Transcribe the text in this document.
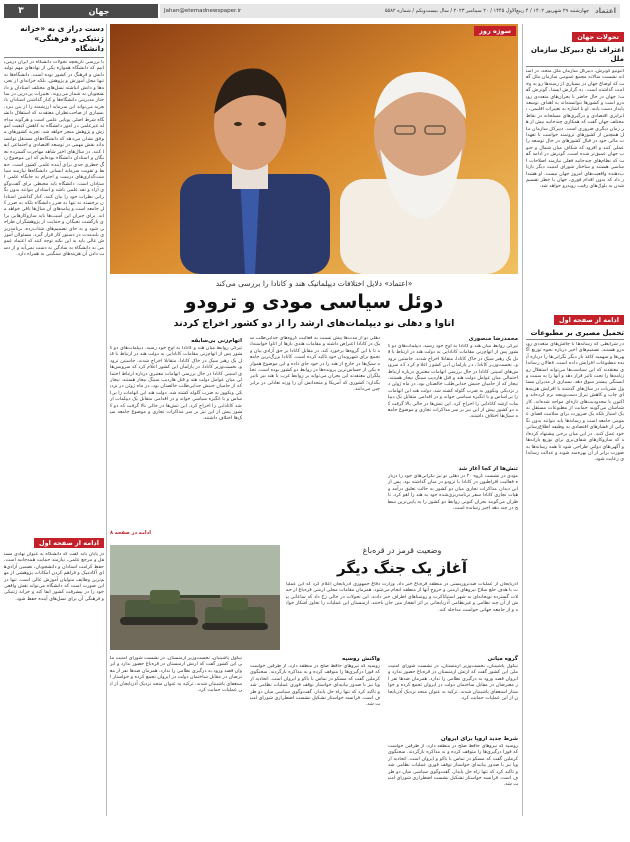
اعتماد
چهارشنبه ۲۹ شهریور ۱۴۰۲ / ۴ ربیع‌الاول ۱۴۴۵ / ۲۰ سپتامبر ۲۰۲۳ / سال بیست‌ویکم / شماره ۵۵۸۲
Jahan@etemadnewspaper.ir
جهان
۳
تحولات جهان
اعتراف تلخ دبیرکل سازمان ملل
آنتونیو گوترش، دبیرکل سازمان ملل متحد، در آستانه نشست سالانه مجمع عمومی سازمان ملل گفت که اوضاع جهان در بسیاری از زمینه‌ها رو به وخامت گذاشته است. به گزارش ایسنا، گوترش گفت: جهان در حال حاضر با بحران‌های متعددی روبه‌رو است و کشورها نتوانسته‌اند به اهداف توسعه پایدار دست یابند. او با اشاره به تغییرات اقلیمی، نابرابری اقتصادی و درگیری‌های مسلحانه در نقاط مختلف جهان گفت که همکاری چندجانبه بیش از هر زمان دیگری ضروری است. دبیرکل سازمان ملل همچنین از کشورهای ثروتمند خواست تا تعهدات مالی خود در قبال کشورهای در حال توسعه را عملی کنند و افزود که شکاف میان شمال و جنوب جهان عمیق‌تر شده است. گوترش در ادامه گفت که نظام‌های چندجانبه فعلی نیازمند اصلاحات اساسی هستند و ساختار شورای امنیت دیگر بازتاب‌دهنده واقعیت‌های امروز جهان نیست. او هشدار داد که بدون اقدام فوری، جهان با خطر تقسیم شدن به بلوک‌های رقیب روبه‌رو خواهد شد.
ادامه از صفحه اول
تحمیل مصیری بر مطبوعات
در شرایطی که رسانه‌ها با چالش‌های متعددی روبه‌رو هستند، تصمیم‌های اخیر درباره نحوه توزیع آگهی‌ها و سهمیه کاغذ بار دیگر نگرانی‌ها را درباره آینده مطبوعات افزایش داده است. فعالان رسانه‌ای معتقدند که این سیاست‌ها می‌تواند استقلال روزنامه‌ها را تحت تاثیر قرار دهد و آنها را به سمت وابستگی بیشتر سوق دهد. بسیاری از مدیران مسئول نشریات در سال‌های گذشته با افزایش هزینه‌های چاپ و کاهش تیراژ دست‌وپنجه نرم کرده‌اند و اکنون با محدودیت‌های تازه‌ای مواجه شده‌اند. کارشناسان می‌گویند حمایت از مطبوعات مستقل نه یک امتیاز بلکه یک ضرورت برای سلامت فضای عمومی جامعه است و رسانه‌ها باید بتوانند بدون نگرانی از فشارهای اقتصادی به وظیفه اطلاع‌رسانی خود عمل کنند. در این میان برخی پیشنهاد کرده‌اند که سازوکارهای شفاف‌تری برای توزیع یارانه‌ها و آگهی‌های دولتی طراحی شود تا همه رسانه‌ها به صورت برابر از آن بهره‌مند شوند و عدالت رسانه‌ای رعایت شود.
سوژه روز
دست دراز ی به «خزانه ژنتیکی و فرهنگی» دانشگاه
با بررسی تاریخچه تحولات دانشگاه در ایران درمی‌یابیم که دانشگاه همواره یکی از نهادهای مهم تولید دانش و فرهنگ در کشور بوده است. دانشگاه‌ها نه تنها محل آموزش و پژوهش، بلکه خزانه‌ای از تجربه‌ها و دانش انباشته نسل‌های مختلف استادان و دانشجویان به شمار می‌روند. تغییرات پی‌درپی در ساختار مدیریتی دانشگاه‌ها و کنار گذاشتن استادان باتجربه می‌تواند این سرمایه ارزشمند را از بین ببرد. بسیاری از صاحب‌نظران معتقدند که استقلال دانشگاه شرط اصلی پویایی علمی است و هرگونه مداخله غیرعلمی در امور دانشگاه به کاهش کیفیت آموزش و پژوهش منجر خواهد شد. تجربه کشورهای موفق نشان می‌دهد که دانشگاه‌های مستقل توانسته‌اند نقش مهمی در توسعه اقتصادی و اجتماعی ایفا کنند. در سال‌های اخیر شاهد مهاجرت گسترده نخبگان و استادان دانشگاه بوده‌ایم که این موضوع زنگ خطری جدی برای آینده علمی کشور است. حفظ و تقویت سرمایه انسانی دانشگاه‌ها نیازمند سیاست‌گذاری‌های درست و احترام به جایگاه علمی استادان است. دانشگاه باید محیطی برای گفت‌وگوی آزاد و نقد علمی باشد و استادان بتوانند بدون نگرانی نظرات خود را بیان کنند. کنار گذاشتن استادان برجسته نه تنها به ضرر دانشگاه بلکه به ضرر کل جامعه است و پیامدهای آن سال‌ها باقی خواهد ماند. برای جبران این آسیب‌ها باید سازوکارهایی برای بازگشت نخبگان و حمایت از پژوهشگران طراحی شود و به جای تصمیم‌های شتاب‌زده، برنامه‌ریزی بلندمدت در دستور کار قرار گیرد. مسئولان آموزش عالی باید به این نکته توجه کنند که اعتماد عمومی به دانشگاه به سادگی به دست نمی‌آید و از دست دادن آن هزینه‌های سنگینی به همراه دارد.
ادامه از صفحه اول
در پایان باید گفت که دانشگاه به عنوان نهادی مستقل و مرجع علمی، نیازمند حمایت همه‌جانبه است. حفظ کرامت استادان و دانشجویان، تضمین آزادی‌های آکادمیک و فراهم کردن امکانات پژوهشی از مهم‌ترین وظایف متولیان آموزش عالی است. تنها در این صورت است که دانشگاه می‌تواند نقش واقعی خود را در پیشرفت کشور ایفا کند و خزانه ژنتیکی و فرهنگی آن برای نسل‌های آینده حفظ شود.
«اعتماد» دلایل اختلافات دیپلماتیک هند و کانادا را بررسی می‌کند
دوئل سیاسی مودی و ترودو
اتاوا و دهلی نو دیپلمات‌های ارشد را از دو کشور اخراج کردند
محمدرضا منصوری
تیرگی روابط میان هند و کانادا به اوج خود رسید. دیپلمات‌های دو کشور پس از اتهام‌زنی مقامات کانادایی به دولت هند در ارتباط با قتل یک رهبر سیک در خاک کانادا، متقابلا اخراج شدند. جاستین ترودو، نخست‌وزیر کانادا، در پارلمان این کشور اعلام کرد که سرویس‌های امنیتی کانادا در حال بررسی اتهامات معتبری درباره ارتباط احتمالی میان عوامل دولت هند و قتل هاردیپ سینگ نیجار هستند. نیجار که از حامیان جنبش جدایی‌طلب خالصتان بود، در ماه ژوئن در نزدیکی ونکوور به ضرب گلوله کشته شد. دولت هند این اتهامات را بی‌اساس و با انگیزه سیاسی خواند و در اقدامی متقابل یک دیپلمات ارشد کانادایی را اخراج کرد. این تنش‌ها در حالی بالا گرفت که دو کشور پیش از این نیز بر سر مذاکرات تجاری و موضوع جامعه سیک‌ها اختلاف داشتند.
تنش‌ها از کجا آغاز شد
مودی در نشست گروه ۲۰ در دهلی نو نیز نگرانی‌های خود را درباره فعالیت افراطیون در کانادا با ترودو در میان گذاشته بود. پس از این دیدار، مذاکرات تجاری میان دو کشور به حالت تعلیق درآمد و هیات تجاری کانادا سفر برنامه‌ریزی‌شده خود به هند را لغو کرد. ناظران می‌گویند بحران کنونی روابط دو کشور را به پایین‌ترین سطح در چند دهه اخیر رسانده است.
دهلی نو از مدت‌ها پیش نسبت به فعالیت گروه‌های جدایی‌طلب سیک در کانادا اعتراض داشته و مقامات هندی بارها از اتاوا خواسته‌اند تا با این گروه‌ها برخورد کند. در مقابل کانادا بر حق آزادی بیان و تجمع برای شهروندان خود تاکید کرده است. کانادا بزرگ‌ترین جامعه سیک‌ها در خارج از هند را در خود جای داده و این موضوع همواره یکی از حساس‌ترین پرونده‌ها در روابط دو کشور بوده است. تحلیلگران معتقدند این بحران می‌تواند بر روابط غرب با هند نیز تاثیر بگذارد؛ کشوری که آمریکا و متحدانش آن را وزنه تعادلی در برابر چین می‌دانند.
اتهام‌زنی بی‌سابقه
تیرگی روابط میان هند و کانادا به اوج خود رسید. دیپلمات‌های دو کشور پس از اتهام‌زنی مقامات کانادایی به دولت هند در ارتباط با قتل یک رهبر سیک در خاک کانادا، متقابلا اخراج شدند. جاستین ترودو، نخست‌وزیر کانادا، در پارلمان این کشور اعلام کرد که سرویس‌های امنیتی کانادا در حال بررسی اتهامات معتبری درباره ارتباط احتمالی میان عوامل دولت هند و قتل هاردیپ سینگ نیجار هستند. نیجار که از حامیان جنبش جدایی‌طلب خالصتان بود، در ماه ژوئن در نزدیکی ونکوور به ضرب گلوله کشته شد. دولت هند این اتهامات را بی‌اساس و با انگیزه سیاسی خواند و در اقدامی متقابل یک دیپلمات ارشد کانادایی را اخراج کرد. این تنش‌ها در حالی بالا گرفت که دو کشور پیش از این نیز بر سر مذاکرات تجاری و موضوع جامعه سیک‌ها اختلاف داشتند.
ادامه در صفحه ۸
وضعیت قرمز در قره‌باغ
آغاز یک جنگ دیگر
آذربایجان از عملیات ضدتروریستی در منطقه قره‌باغ خبر داد. وزارت دفاع جمهوری آذربایجان اعلام کرد که این عملیات با هدف خلع سلاح نیروهای ارمنی و خروج آنها از منطقه انجام می‌شود. همزمان مقامات محلی ارمنی قره‌باغ از حملات گسترده توپخانه‌ای به شهر استپاناکرت و روستاهای اطراف خبر دادند. این تحولات در حالی رخ داد که ساعاتی پیش از آن چند نظامی و غیرنظامی آذربایجانی بر اثر انفجار مین جان باختند. ارمنستان این عملیات را تجاوز آشکار خواند و از جامعه جهانی خواست مداخله کند.
گروه میانی
نیکول پاشینیان، نخست‌وزیر ارمنستان، در نشست شورای امنیت ملی این کشور گفت که ارتش ارمنستان در قره‌باغ حضور ندارد و ایروان قصد ورود به درگیری نظامی را ندارد. همزمان صدها نفر از معترضان در مقابل ساختمان دولت در ایروان تجمع کرده و خواستار استعفای پاشینیان شدند. ترکیه به عنوان متحد نزدیک آذربایجان از این عملیات حمایت کرد.
شرط جدید اروپا برای ایروان
روسیه که نیروهای حافظ صلح در منطقه دارد، از طرفین خواست که فورا درگیری‌ها را متوقف کرده و به مذاکره بازگردند. سخنگوی کرملین گفت که مسکو در تماس با باکو و ایروان است. اتحادیه اروپا نیز با صدور بیانیه‌ای خواستار توقف فوری عملیات نظامی شد و تاکید کرد که تنها راه حل پایدار، گفت‌وگوی سیاسی میان دو طرف است. فرانسه خواستار تشکیل نشست اضطراری شورای امنیت شد.
واکنش روسیه
روسیه که نیروهای حافظ صلح در منطقه دارد، از طرفین خواست که فورا درگیری‌ها را متوقف کرده و به مذاکره بازگردند. سخنگوی کرملین گفت که مسکو در تماس با باکو و ایروان است. اتحادیه اروپا نیز با صدور بیانیه‌ای خواستار توقف فوری عملیات نظامی شد و تاکید کرد که تنها راه حل پایدار، گفت‌وگوی سیاسی میان دو طرف است. فرانسه خواستار تشکیل نشست اضطراری شورای امنیت شد.
نیکول پاشینیان، نخست‌وزیر ارمنستان، در نشست شورای امنیت ملی این کشور گفت که ارتش ارمنستان در قره‌باغ حضور ندارد و ایروان قصد ورود به درگیری نظامی را ندارد. همزمان صدها نفر از معترضان در مقابل ساختمان دولت در ایروان تجمع کرده و خواستار استعفای پاشینیان شدند. ترکیه به عنوان متحد نزدیک آذربایجان از این عملیات حمایت کرد.
